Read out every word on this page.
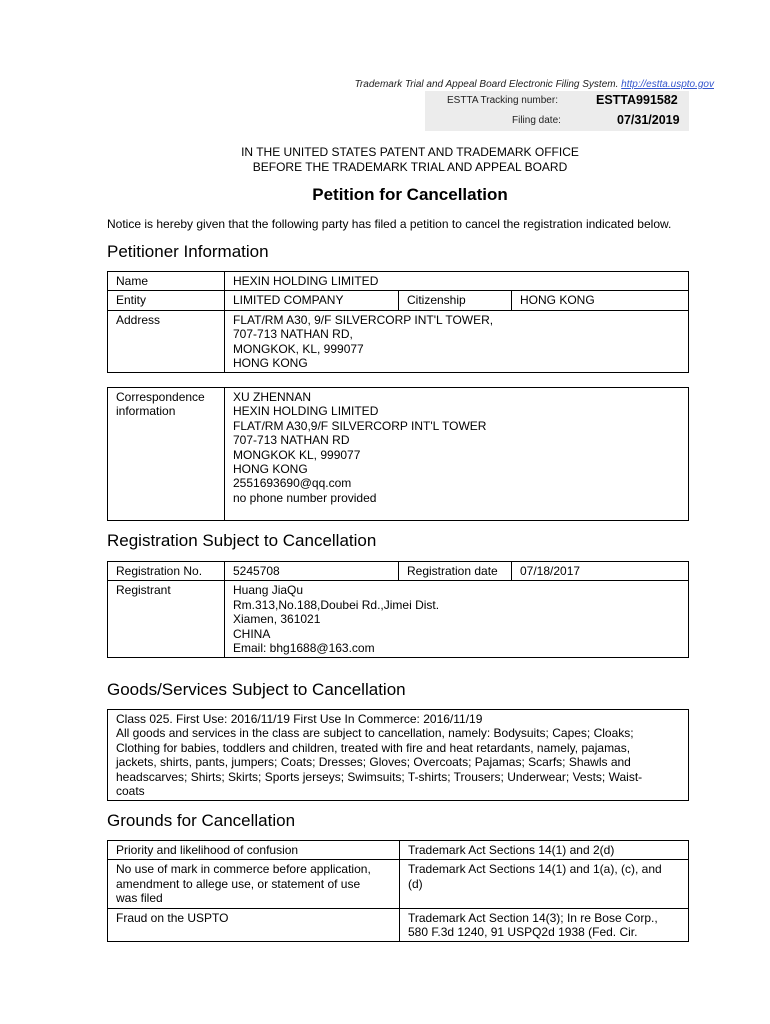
Trademark Trial and Appeal Board Electronic Filing System. http://estta.uspto.gov
ESTTA Tracking number:	ESTTA991582
Filing date:	07/31/2019
IN THE UNITED STATES PATENT AND TRADEMARK OFFICE
BEFORE THE TRADEMARK TRIAL AND APPEAL BOARD
Petition for Cancellation
Notice is hereby given that the following party has filed a petition to cancel the registration indicated below.
Petitioner Information
Name	HEXIN HOLDING LIMITED		
Entity	LIMITED COMPANY	Citizenship	HONG KONG
Address	FLAT/RM A30, 9/F SILVERCORP INT'L TOWER,
707-713 NATHAN RD,
MONGKOK, KL, 999077
HONG KONG		
Correspondence
information	XU ZHENNAN
HEXIN HOLDING LIMITED
FLAT/RM A30,9/F SILVERCORP INT'L TOWER
707-713 NATHAN RD
MONGKOK KL, 999077
HONG KONG
2551693690@qq.com
no phone number provided
Registration Subject to Cancellation
Registration No.	5245708	Registration date	07/18/2017
Registrant	Huang JiaQu
Rm.313,No.188,Doubei Rd.,Jimei Dist.
Xiamen, 361021
CHINA
Email: bhg1688@163.com		
Goods/Services Subject to Cancellation
Class 025. First Use: 2016/11/19 First Use In Commerce: 2016/11/19
All goods and services in the class are subject to cancellation, namely: Bodysuits; Capes; Cloaks;
Clothing for babies, toddlers and children, treated with fire and heat retardants, namely, pajamas,
jackets, shirts, pants, jumpers; Coats; Dresses; Gloves; Overcoats; Pajamas; Scarfs; Shawls and
headscarves; Shirts; Skirts; Sports jerseys; Swimsuits; T-shirts; Trousers; Underwear; Vests; Waist-
coats
Grounds for Cancellation
Priority and likelihood of confusion	Trademark Act Sections 14(1) and 2(d)
No use of mark in commerce before application,
amendment to allege use, or statement of use
was filed	Trademark Act Sections 14(1) and 1(a), (c), and
(d)
Fraud on the USPTO	Trademark Act Section 14(3); In re Bose Corp.,
580 F.3d 1240, 91 USPQ2d 1938 (Fed. Cir.
